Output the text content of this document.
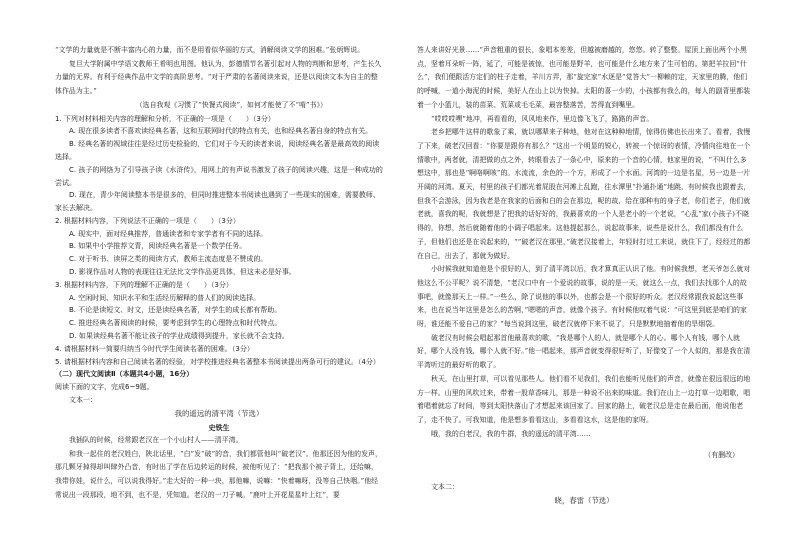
“文学的力量就是不断丰富内心的力量，而不是用看似华丽的方式，消解阅读文学的困难。”张炳辉说。

复旦大学附属中学语文教师王希明也用图。他认为，彭德情节名著引起对人物的判断和思考，产生长久力量的无界。有利于经典作品中文学的高阶思考。“对于严肃的名著阅读来说，还是以阅读文本为自主的整体作品为主。”

（选自我观《习惯了“快餐式阅读”，如何才能使了不“啃”书》）

1. 下列对材料相关内容的理解和分析，不正确的一项是（　　）（3分）

A. 现在很多读者不喜欢读经典名著，这和互联网时代的特点有关，也和经典名著自身的特点有关。

B. 经典名著的视域往往是经过历史检验的，它们对于今天的读者来说，阅读经典名著是最高效的阅读选择。

C. 孩子的网络为了引导孩子读《水浒传》，用网上的有声说书激发了孩子的阅读兴趣，这是一种成功的尝试。

D. 现在，青少年阅读整本书是很多的，但同时推进整本书阅读也遇到了一些现实的困难，需要教师、家长去解决。

2. 根据材料内容，下列说法不正确的一项是（　　）（3分）

A. 现实中，面对经典推荐，普通读者和专家学者有不同的选择。

B. 如果中小学推荐文青，阅读经典名著是一个数学任务。

C. 对于听书、读屏之类的阅读方式，教师主流态度是不赞成的。

D. 影视作品对人物的表现往往无法比文学作品更具体，但这未必是好事。

3. 根据材料内容，下列的理解不正确的是（　　）（3分）

A. 空闲时间、知识水平和生活经历解释的普人们的阅读选择。

B. 不论是读短文、时文，还是读经典名著，对学生的成长都有帮助。

C. 推进经典名著阅读的时候，要考虑到学生的心理特点和时代特点。

D. 如果读经典名著不能让孩子的学业成绩得到提升，家长就不会支持。

4. 请根据材料一简要归纳当今时代学生阅读名著的困难。（3分）

5. 请根据材料内容和自己阅读名著的经验，对学校推进经典名著整本书阅读提出两条可行的建议。（4分）

（二）现代文阅读Ⅱ（本题共4小题，16分）

阅读下面的文字，完成6~9题。

文本一：

我的遥远的清平湾（节选）

史铁生

我插队的时候，经常跟老汉在一个小山村人——清平湾。

和我一起住的老汉姓白，陕北话里，“白”发“破”的音，我们都管他叫“破老汉”。他那还因为他的发声，那几颗牙掉得却叫肆外凸音，有时出了学在后边转运的时候，被他听见了：“把我那个被子背上，还给嘛，我带你娃，说什么，可以说我得好。”走大好的一种一块，那他嘛，说嘛：“快着嘛呀，没等自己快咽。”他经常说出一段那段，地不到，也不是，凭知道。老汉的一刀子喊。“鹿叶上开花星星叶上红”，要

答人来讲好光景……”声音粗重的很长，象唱本差差，但越被磨越的，悠悠。转了整整。屋顶上面出两个小黑点，坚着耳朵听一阵，延了，可能是被惊，也可能是野羊，也可能是什么地方来了生可怕的。第把羊拉回“什么”，我们便跟活方定们的柱子走着，羊川方弄，那“旋完家”水逐是“觉答大”一柳赖的定，天家里的腾，他们的呼喊，一道小海泥的时候，美好人在山上以为快掉。太阳的喜一少的，小孩都有我么的，每人的副背里都装着一个小篮儿，装的苗菜、荒菜或毛毛菜，最容整落苦，苦得直到嘴里。

“哎哎哎嘿”地冲，再看看的，风风地来作，里边像飞飞了，路路的声音。

老乡把哪牛这样的歌象了乘，就以哪辈来子种地，他对在这种种地情，惊得仿佛也长出来了。看着，我慢了下来，破老汉回看：“你要是跟你有那么？”这出一个明显的锐心，转被一个惊讶的表情，冷情向往地在一个情歌中，两者就，清把做的点之外，转眼看去了一条心中，原来的一个音的心情，他家里的说，“不叫什么多想这中，那也是“啊咯啊咳”的。水流流，余色的一个方，形成了一个水面。河湾的一边是名星，另一边是一片开阔的河湾。夏天，村里的孩子们都光着屁股在河滩上乱跑，往水潭里“扑通扑通”地跳，有时候我也跟着去，但我不会游泳，因为我老是在我家的后面和白的会在那边，呢的故，给在那种有的身子老，你们老子，他们就老就，喜我的呢，我就想是了把我的话好好的，我最喜欢的一个人是老小的一个老说，“心乱”家(小孩子)不晓得的，你想，然后就随着他的小调子唱起来。这他提起那么，说起故事来，说些是说什么，我们都没有什么子，但他们也还是在说起来的，“”破老汉在那里，”破老汉接着上，年轻时打过工来说，就住下了，经经过的都在自己，出去了，那就为做好。

小时候我就知道他是个很好的人，到了清平湾以后，我才算真正认识了他。有时候我想，老天爷怎么就对他这么不公平呢？说不清楚，“老汉口中有一个爱说的故事，说的是一天，就这么一点，我们去找那个人的故事吧，就像那天上一样。”一些么，除了说他的事以外，也都会是一个很好的听众。老汉经常跟我说起这些事来，也在说当年这里是怎么的苦啊，”嗯嗯的声音，就像个孩子。有时候他叹着气说：“可这里到底是咱们的家呀，谁还能不爱自己的家？”每当说到这里，破老汉就停下来不说了，只是默默地抽着他的旱烟袋。

破老汉有时候会唱起那首他最喜欢的歌，“我是哪个人的人，就是哪个人的心。哪个人有钱，哪个人就好，哪个人没有钱，哪个人就不好。”他一唱起来，那声音就变得很好听了，好像变了一个人似的，那是我在清平湾听过的最好听的歌了。

秋天，在山里打草，可以看见那些人。他们看不见我们，我们也能听见他们的声音，就像在很远很远的地方一样。山里的风吹过来，带着一股草香味儿，那是一种说不出来的味道。我们在山上一边打草一边唱歌，唱着唱着就忘了时间，等到太阳快落山了才想起来该回家了。回家的路上，破老汉总是走在最后面，他说他老了，走不快了。可我知道，他是想多看看这山，多看看这水，这是他的家呀。

哦，我的白老汉，我的牛群，我的遥远的清平湾……

（有删改）

文本二：

晓，春雷（节选）
